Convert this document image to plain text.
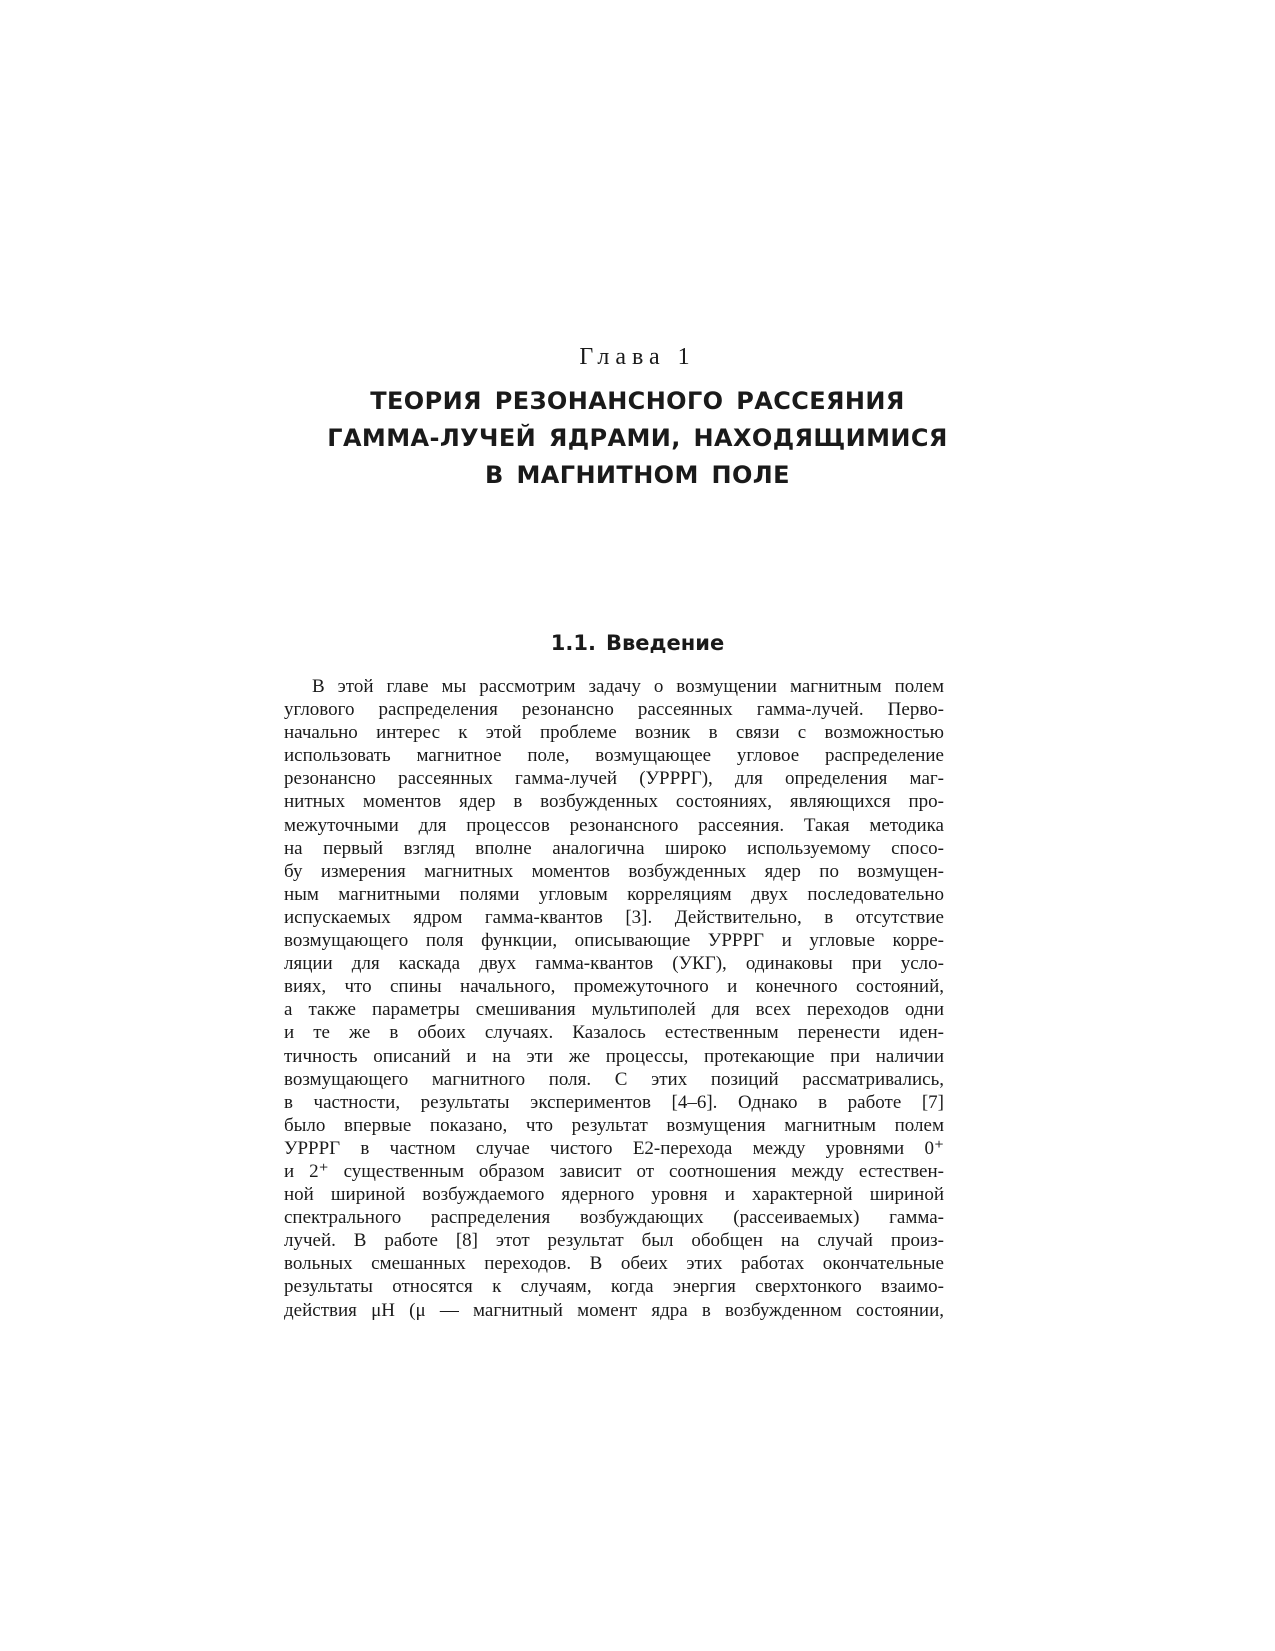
Глава 1
ТЕОРИЯ РЕЗОНАНСНОГО РАССЕЯНИЯ
ГАММА-ЛУЧЕЙ ЯДРАМИ, НАХОДЯЩИМИСЯ
В МАГНИТНОМ ПОЛЕ
1.1. Введение
В этой главе мы рассмотрим задачу о возмущении магнитным полем
углового распределения резонансно рассеянных гамма-лучей. Перво-
начально интерес к этой проблеме возник в связи с возможностью
использовать магнитное поле, возмущающее угловое распределение
резонансно рассеянных гамма-лучей (УРРРГ), для определения маг-
нитных моментов ядер в возбужденных состояниях, являющихся про-
межуточными для процессов резонансного рассеяния. Такая методика
на первый взгляд вполне аналогична широко используемому спосо-
бу измерения магнитных моментов возбужденных ядер по возмущен-
ным магнитными полями угловым корреляциям двух последовательно
испускаемых ядром гамма-квантов [3]. Действительно, в отсутствие
возмущающего поля функции, описывающие УРРРГ и угловые корре-
ляции для каскада двух гамма-квантов (УКГ), одинаковы при усло-
виях, что спины начального, промежуточного и конечного состояний,
а также параметры смешивания мультиполей для всех переходов одни
и те же в обоих случаях. Казалось естественным перенести иден-
тичность описаний и на эти же процессы, протекающие при наличии
возмущающего магнитного поля. С этих позиций рассматривались,
в частности, результаты экспериментов [4–6]. Однако в работе [7]
было впервые показано, что результат возмущения магнитным полем
УРРРГ в частном случае чистого E2-перехода между уровнями 0⁺
и 2⁺ существенным образом зависит от соотношения между естествен-
ной шириной возбуждаемого ядерного уровня и характерной шириной
спектрального распределения возбуждающих (рассеиваемых) гамма-
лучей. В работе [8] этот результат был обобщен на случай произ-
вольных смешанных переходов. В обеих этих работах окончательные
результаты относятся к случаям, когда энергия сверхтонкого взаимо-
действия μH (μ — магнитный момент ядра в возбужденном состоянии,
